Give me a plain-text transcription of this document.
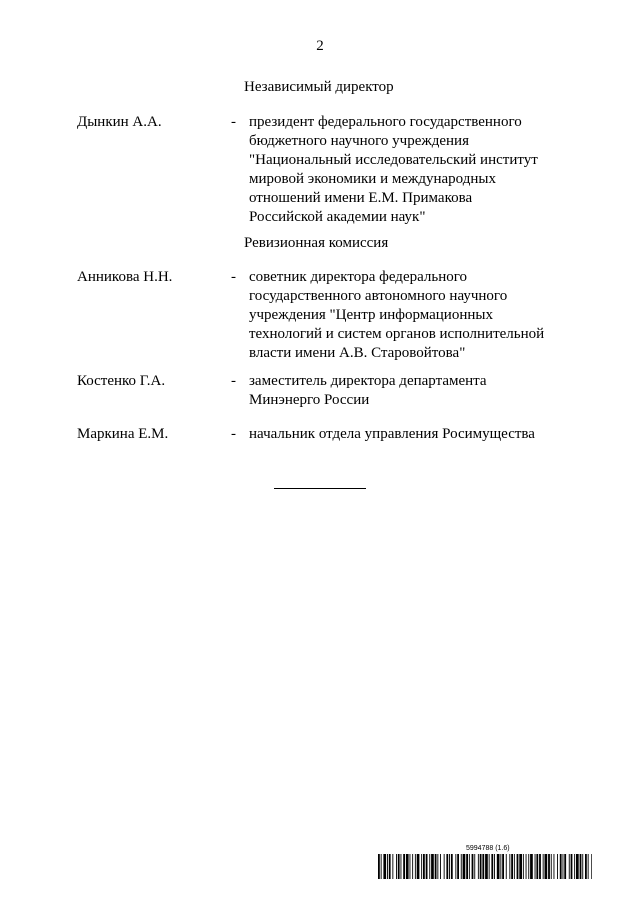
2
Независимый директор
Дынкин А.А.	- президент федерального государственного
бюджетного научного учреждения
"Национальный исследовательский институт
мировой экономики и международных
отношений имени Е.М. Примакова
Российской академии наук"
Ревизионная комиссия
Анникова Н.Н.	- советник директора федерального
государственного автономного научного
учреждения "Центр информационных
технологий и систем органов исполнительной
власти имени А.В. Старовойтова"
Костенко Г.А.	- заместитель директора департамента
Минэнерго России
Маркина Е.М.	- начальник отдела управления Росимущества
5994788 (1.6)
